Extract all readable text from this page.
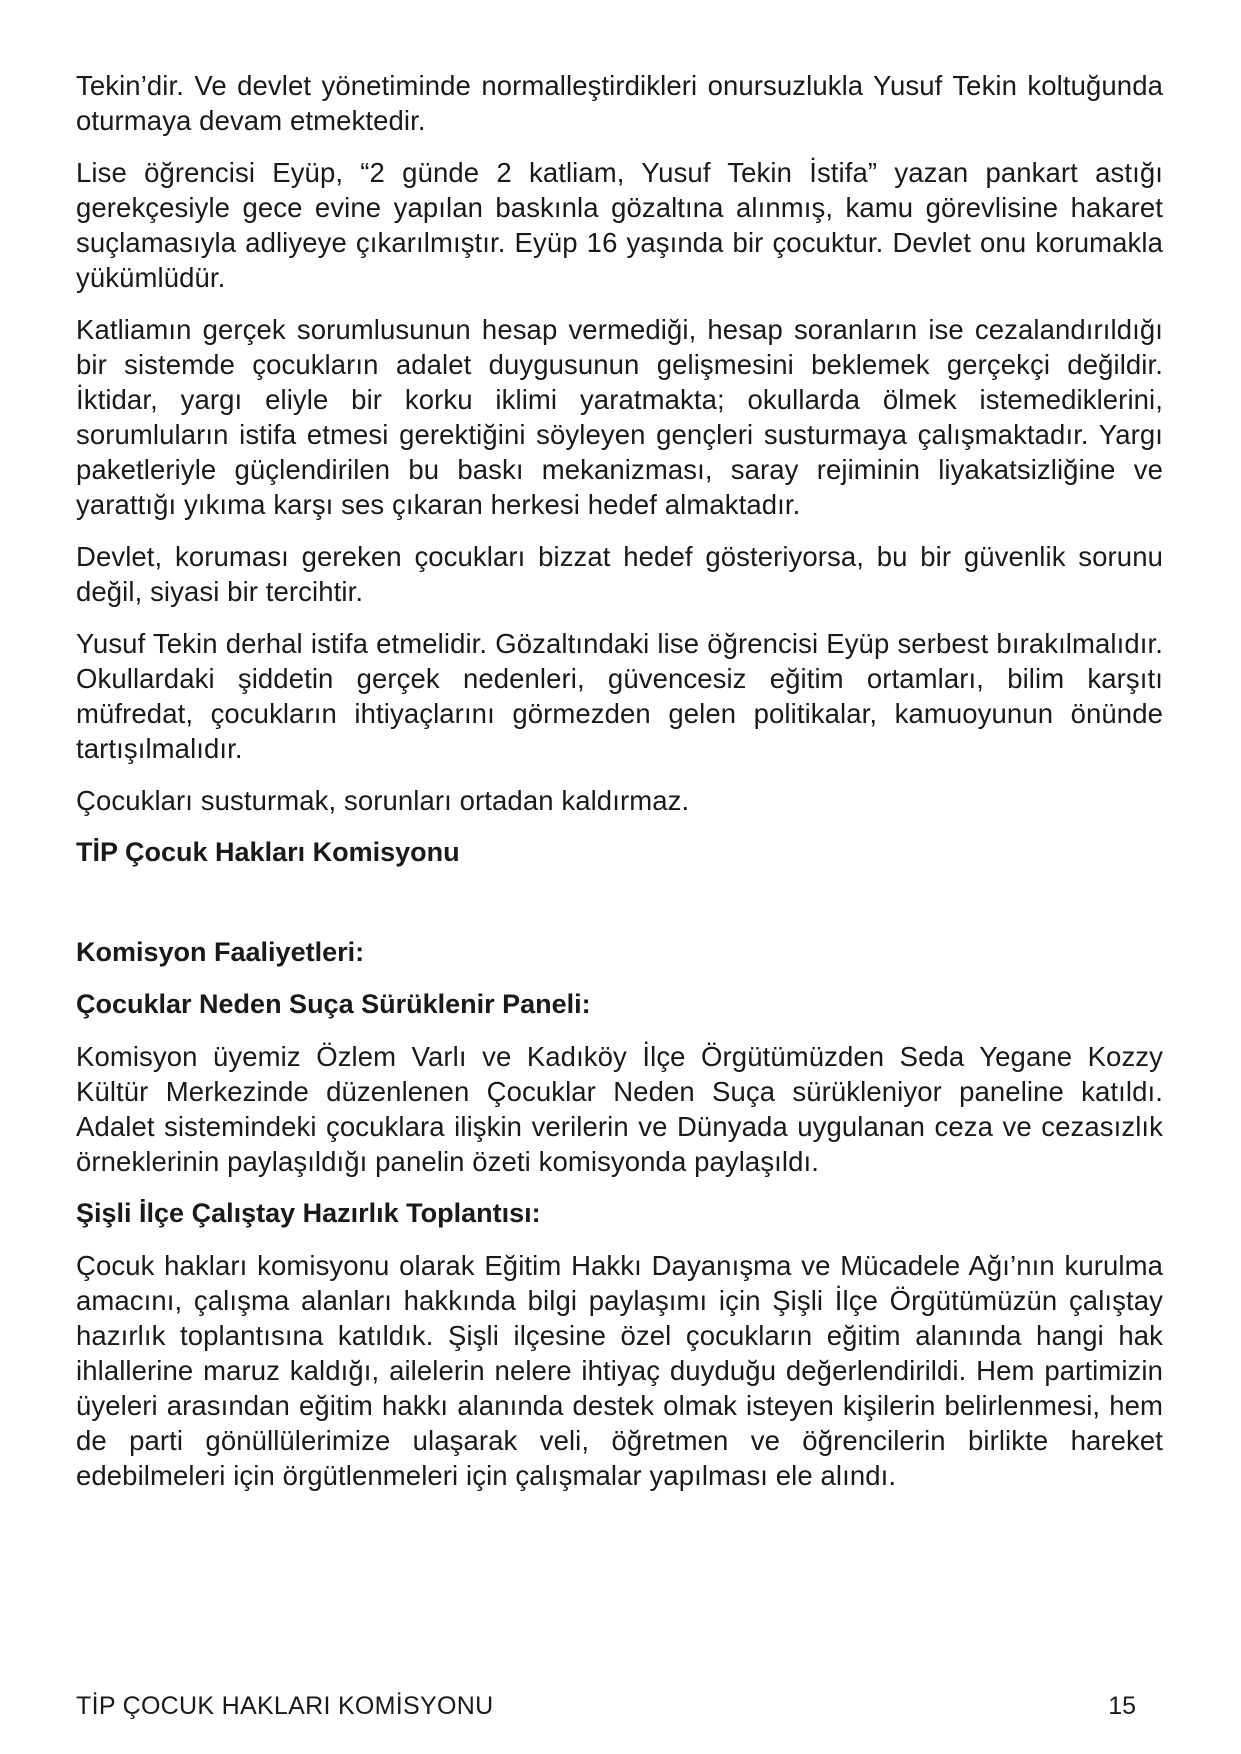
Tekin’dir. Ve devlet yönetiminde normalleştirdikleri onursuzlukla Yusuf Tekin koltuğunda oturmaya devam etmektedir.

Lise öğrencisi Eyüp, “2 günde 2 katliam, Yusuf Tekin İstifa” yazan pankart astığı gerekçesiyle gece evine yapılan baskınla gözaltına alınmış, kamu görevlisine hakaret suçlamasıyla adliyeye çıkarılmıştır. Eyüp 16 yaşında bir çocuktur. Devlet onu korumakla yükümlüdür.

Katliamın gerçek sorumlusunun hesap vermediği, hesap soranların ise cezalandırıldığı bir sistemde çocukların adalet duygusunun gelişmesini beklemek gerçekçi değildir. İktidar, yargı eliyle bir korku iklimi yaratmakta; okullarda ölmek istemediklerini, sorumluların istifa etmesi gerektiğini söyleyen gençleri susturmaya çalışmaktadır. Yargı paketleriyle güçlendirilen bu baskı mekanizması, saray rejiminin liyakatsizliğine ve yarattığı yıkıma karşı ses çıkaran herkesi hedef almaktadır.

Devlet, koruması gereken çocukları bizzat hedef gösteriyorsa, bu bir güvenlik sorunu değil, siyasi bir tercihtir.

Yusuf Tekin derhal istifa etmelidir. Gözaltındaki lise öğrencisi Eyüp serbest bırakılmalıdır. Okullardaki şiddetin gerçek nedenleri, güvencesiz eğitim ortamları, bilim karşıtı müfredat, çocukların ihtiyaçlarını görmezden gelen politikalar, kamuoyunun önünde tartışılmalıdır.

Çocukları susturmak, sorunları ortadan kaldırmaz.

TİP Çocuk Hakları Komisyonu

Komisyon Faaliyetleri:
Çocuklar Neden Suça Sürüklenir Paneli:

Komisyon üyemiz Özlem Varlı ve Kadıköy İlçe Örgütümüzden Seda Yegane Kozzy Kültür Merkezinde düzenlenen Çocuklar Neden Suça sürükleniyor paneline katıldı. Adalet sistemindeki çocuklara ilişkin verilerin ve Dünyada uygulanan ceza ve cezasızlık örneklerinin paylaşıldığı panelin özeti komisyonda paylaşıldı.

Şişli İlçe Çalıştay Hazırlık Toplantısı:

Çocuk hakları komisyonu olarak Eğitim Hakkı Dayanışma ve Mücadele Ağı’nın kurulma amacını, çalışma alanları hakkında bilgi paylaşımı için Şişli İlçe Örgütümüzün çalıştay hazırlık toplantısına katıldık. Şişli ilçesine özel çocukların eğitim alanında hangi hak ihlallerine maruz kaldığı, ailelerin nelere ihtiyaç duyduğu değerlendirildi. Hem partimizin üyeleri arasından eğitim hakkı alanında destek olmak isteyen kişilerin belirlenmesi, hem de parti gönüllülerimize ulaşarak veli, öğretmen ve öğrencilerin birlikte hareket edebilmeleri için örgütlenmeleri için çalışmalar yapılması ele alındı.

TİP ÇOCUK HAKLARI KOMİSYONU	15
